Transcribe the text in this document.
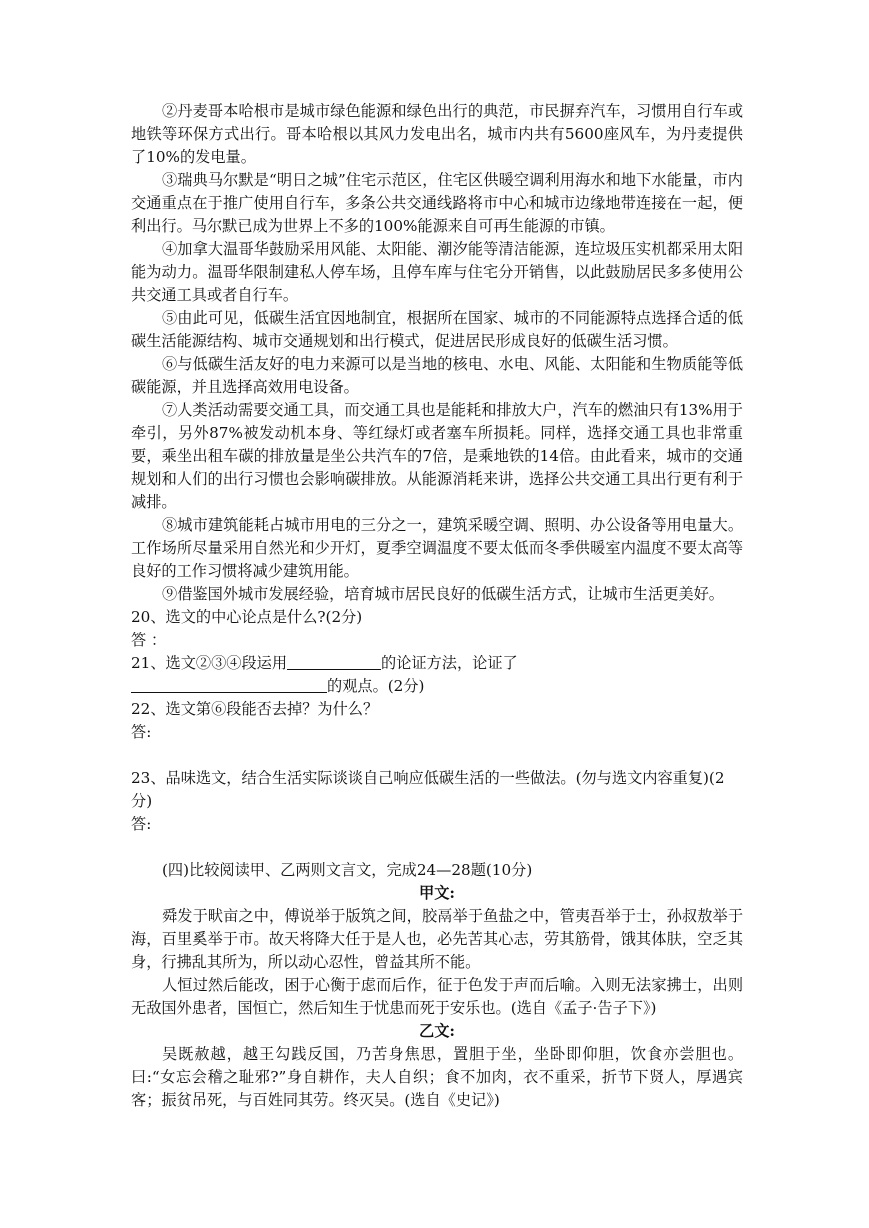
②丹麦哥本哈根市是城市绿色能源和绿色出行的典范，市民摒弃汽车，习惯用自行车或地铁等环保方式出行。哥本哈根以其风力发电出名，城市内共有5600座风车，为丹麦提供了10%的发电量。

③瑞典马尔默是“明日之城”住宅示范区，住宅区供暖空调利用海水和地下水能量，市内交通重点在于推广使用自行车，多条公共交通线路将市中心和城市边缘地带连接在一起，便利出行。马尔默已成为世界上不多的100%能源来自可再生能源的市镇。

④加拿大温哥华鼓励采用风能、太阳能、潮汐能等清洁能源，连垃圾压实机都采用太阳能为动力。温哥华限制建私人停车场，且停车库与住宅分开销售，以此鼓励居民多多使用公共交通工具或者自行车。

⑤由此可见，低碳生活宜因地制宜，根据所在国家、城市的不同能源特点选择合适的低碳生活能源结构、城市交通规划和出行模式，促进居民形成良好的低碳生活习惯。

⑥与低碳生活友好的电力来源可以是当地的核电、水电、风能、太阳能和生物质能等低碳能源，并且选择高效用电设备。

⑦人类活动需要交通工具，而交通工具也是能耗和排放大户，汽车的燃油只有13%用于牵引，另外87%被发动机本身、等红绿灯或者塞车所损耗。同样，选择交通工具也非常重要，乘坐出租车碳的排放量是坐公共汽车的7倍，是乘地铁的14倍。由此看来，城市的交通规划和人们的出行习惯也会影响碳排放。从能源消耗来讲，选择公共交通工具出行更有利于减排。

⑧城市建筑能耗占城市用电的三分之一，建筑采暖空调、照明、办公设备等用电量大。工作场所尽量采用自然光和少开灯，夏季空调温度不要太低而冬季供暖室内温度不要太高等良好的工作习惯将减少建筑用能。

⑨借鉴国外城市发展经验，培育城市居民良好的低碳生活方式，让城市生活更美好。

20、选文的中心论点是什么?(2分)

答 ：

21、选文②③④段运用	的论证方法，论证了

的观点。(2分)

22、选文第⑥段能否去掉？为什么？

答:

23、品味选文，结合生活实际谈谈自己响应低碳生活的一些做法。(勿与选文内容重复)(2分)

答:

(四)比较阅读甲、乙两则文言文，完成24—28题(10分)

甲文:

舜发于畎亩之中，傅说举于版筑之间，胶鬲举于鱼盐之中，管夷吾举于士，孙叔敖举于海，百里奚举于市。故天将降大任于是人也，必先苦其心志，劳其筋骨，饿其体肤，空乏其身，行拂乱其所为，所以动心忍性，曾益其所不能。

人恒过然后能改，困于心衡于虑而后作，征于色发于声而后喻。入则无法家拂士，出则无敌国外患者，国恒亡，然后知生于忧患而死于安乐也。(选自《孟子·告子下》)

乙文:

吴既赦越，越王勾践反国，乃苦身焦思，置胆于坐，坐卧即仰胆，饮食亦尝胆也。曰:“女忘会稽之耻邪?”身自耕作，夫人自织；食不加肉，衣不重采，折节下贤人，厚遇宾客；振贫吊死，与百姓同其劳。终灭吴。(选自《史记》)
